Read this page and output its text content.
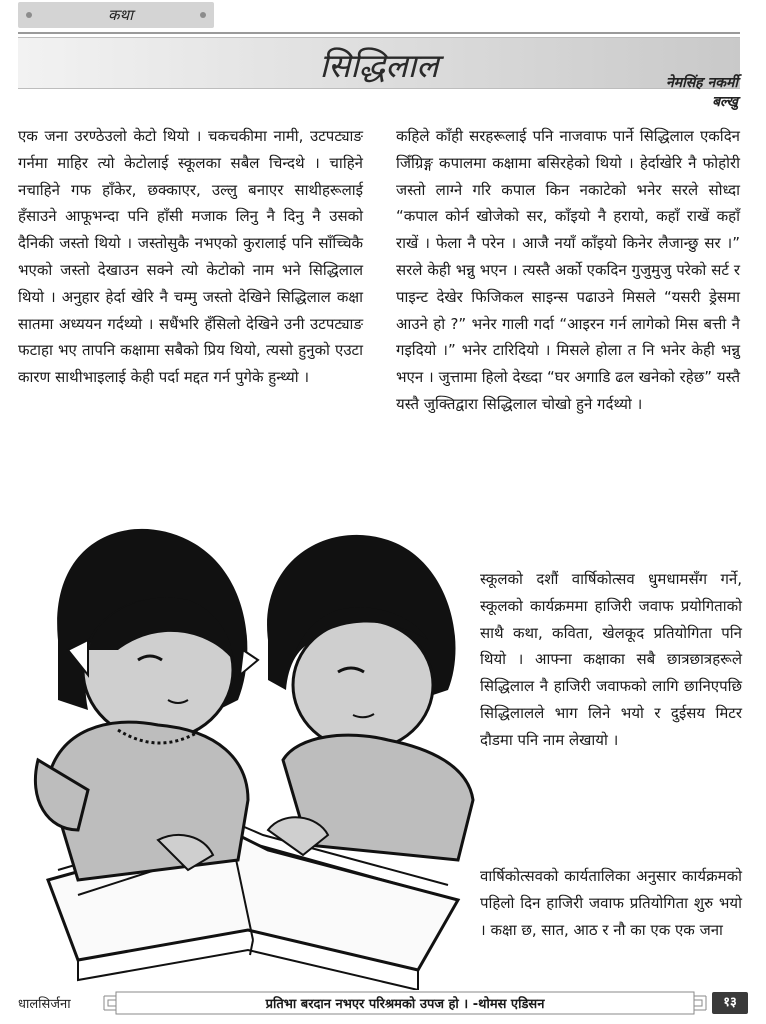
कथा
सिद्धिलाल	नेमसिंह नकर्मी
बल्खु
एक जना उरण्ठेउलो केटो थियो । चकचकीमा नामी, उटपट्याङ गर्नमा माहिर त्यो केटोलाई स्कूलका सबैल चिन्दथे । चाहिने नचाहिने गफ हाँकेर, छक्काएर, उल्लु बनाएर साथीहरूलाई हँसाउने आफूभन्दा पनि हाँसी मजाक लिनु नै दिनु नै उसको दैनिकी जस्तो थियो । जस्तोसुकै नभएको कुरालाई पनि साँच्चिकै भएको जस्तो देखाउन सक्ने त्यो केटोको नाम भने सिद्धिलाल थियो । अनुहार हेर्दा खेरि नै चम्मु जस्तो देखिने सिद्धिलाल कक्षा सातमा अध्ययन गर्दथ्यो । सधैंभरि हँसिलो देखिने उनी उटपट्याङ फटाहा भए तापनि कक्षामा सबैको प्रिय थियो, त्यसो हुनुको एउटा कारण साथीभाइलाई केही पर्दा मद्दत गर्न पुगेके हुन्थ्यो ।
कहिले काँही सरहरूलाई पनि नाजवाफ पार्ने सिद्धिलाल एकदिन जिँग्रिङ्ग कपालमा कक्षामा बसिरहेको थियो । हेर्दाखेरि नै फोहोरी जस्तो लाग्ने गरि कपाल किन नकाटेको भनेर सरले सोध्दा “कपाल कोर्न खोजेको सर, काँइयो नै हरायो, कहाँ राखें कहाँ राखें । फेला नै परेन । आजै नयाँ काँइयो किनेर लैजान्छु सर ।” सरले केही भन्नु भएन । त्यस्तै अर्को एकदिन गुजुमुजु परेको सर्ट र पाइन्ट देखेर फिजिकल साइन्स पढाउने मिसले “यसरी ड्रेसमा आउने हो ?” भनेर गाली गर्दा “आइरन गर्न लागेको मिस बत्ती नै गइदियो ।” भनेर टारिदियो । मिसले होला त नि भनेर केही भन्नु भएन । जुत्तामा हिलो देख्दा “घर अगाडि ढल खनेको रहेछ” यस्तै यस्तै जुक्तिद्वारा सिद्धिलाल चोखो हुने गर्दथ्यो ।
स्कूलको दशौं वार्षिकोत्सव धुमधामसँग गर्ने, स्कूलको कार्यक्रममा हाजिरी जवाफ प्रयोगिताको साथै कथा, कविता, खेलकूद प्रतियोगिता पनि थियो । आफ्ना कक्षाका सबै छात्रछात्रहरूले सिद्धिलाल नै हाजिरी जवाफको लागि छानिएपछि सिद्धिलालले भाग लिने भयो र दुईसय मिटर दौडमा पनि नाम लेखायो ।
वार्षिकोत्सवको कार्यतालिका अनुसार कार्यक्रमको पहिलो दिन हाजिरी जवाफ प्रतियोगिता शुरु भयो । कक्षा छ, सात, आठ र नौ का एक एक जना
धालसिर्जना	प्रतिभा बरदान नभएर परिश्रमको उपज हो । -थोमस एडिसन	१३
